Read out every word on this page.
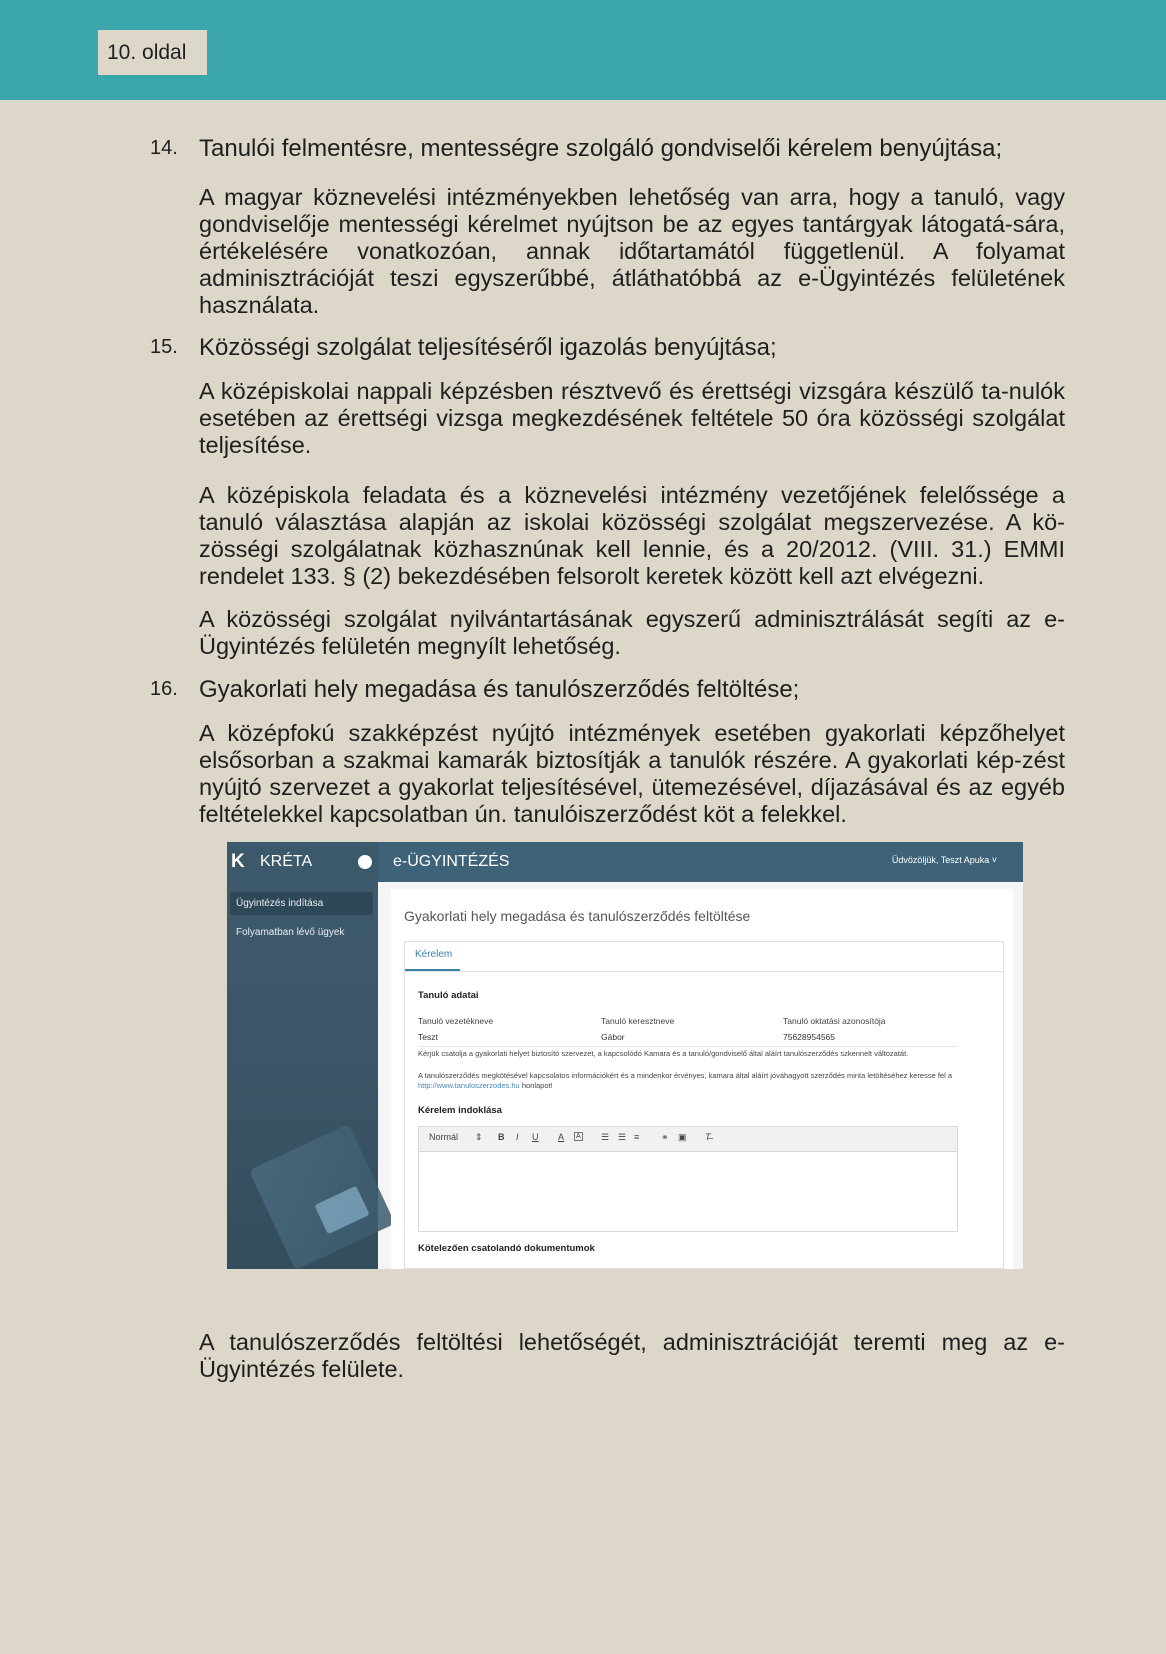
10. oldal
14. Tanulói felmentésre, mentességre szolgáló gondviselői kérelem benyújtása;

A magyar köznevelési intézményekben lehetőség van arra, hogy a tanuló, vagy gondviselője mentességi kérelmet nyújtson be az egyes tantárgyak látogatá-sára, értékelésére vonatkozóan, annak időtartamától függetlenül. A folyamat adminisztrációját teszi egyszerűbbé, átláthatóbbá az e-Ügyintézés felületének használata.

15. Közösségi szolgálat teljesítéséről igazolás benyújtása;

A középiskolai nappali képzésben résztvevő és érettségi vizsgára készülő ta-nulók esetében az érettségi vizsga megkezdésének feltétele 50 óra közösségi szolgálat teljesítése.

A középiskola feladata és a köznevelési intézmény vezetőjének felelőssége a tanuló választása alapján az iskolai közösségi szolgálat megszervezése. A kö-zösségi szolgálatnak közhasznúnak kell lennie, és a 20/2012. (VIII. 31.) EMMI rendelet 133. § (2) bekezdésében felsorolt keretek között kell azt elvégezni.

A közösségi szolgálat nyilvántartásának egyszerű adminisztrálását segíti az e-Ügyintézés felületén megnyílt lehetőség.

16. Gyakorlati hely megadása és tanulószerződés feltöltése;

A középfokú szakképzést nyújtó intézmények esetében gyakorlati képzőhelyet elsősorban a szakmai kamarák biztosítják a tanulók részére. A gyakorlati kép-zést nyújtó szervezet a gyakorlat teljesítésével, ütemezésével, díjazásával és az egyéb feltételekkel kapcsolatban ún. tanulóiszerződést köt a felekkel.

K KRÉTA
Ügyintézés indítása
Folyamatban lévő ügyek
e-ÜGYINTÉZÉS	Üdvözöljük, Teszt Apuka ˅
Gyakorlati hely megadása és tanulószerződés feltöltése
Kérelem
Tanuló adatai
Tanuló vezetékneve
Teszt
Tanuló keresztneve
Gábor
Tanuló oktatási azonosítója
75628954565
Kérjük csatolja a gyakorlati helyet biztosító szervezet, a kapcsolódó Kamara és a tanuló/gondviselő által aláírt tanulószerződés szkennelt változatát.
A tanulószerződés megkötésével kapcsolatos információkért és a mindenkor érvényes, kamara által aláírt jóváhagyott szerződés minta letöltéséhez keresse fel a http://www.tanuloszerzodes.hu honlapot!
Kérelem indoklása
Normál ⇕ B I U A A ☰ ☰ ≡ ⚭ ▣ T̶
Kötelezően csatolandó dokumentumok

A tanulószerződés feltöltési lehetőségét, adminisztrációját teremti meg az e-Ügyintézés felülete.
